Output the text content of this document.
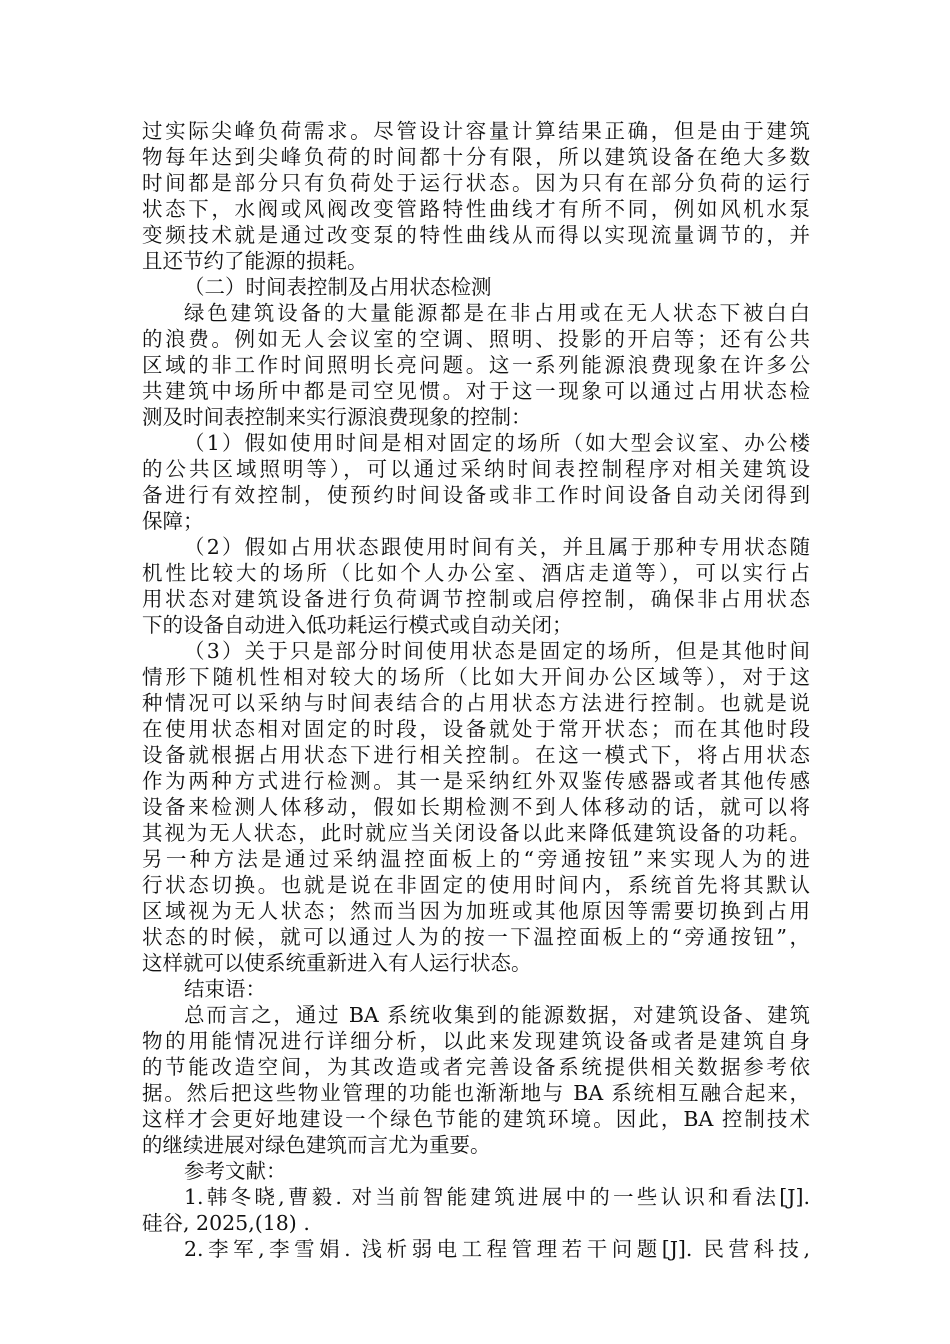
过实际尖峰负荷需求。尽管设计容量计算结果正确，但是由于建筑
物每年达到尖峰负荷的时间都十分有限，所以建筑设备在绝大多数
时间都是部分只有负荷处于运行状态。因为只有在部分负荷的运行
状态下，水阀或风阀改变管路特性曲线才有所不同，例如风机水泵
变频技术就是通过改变泵的特性曲线从而得以实现流量调节的，并
且还节约了能源的损耗。
（二）时间表控制及占用状态检测
绿色建筑设备的大量能源都是在非占用或在无人状态下被白白
的浪费。例如无人会议室的空调、照明、投影的开启等；还有公共
区域的非工作时间照明长亮问题。这一系列能源浪费现象在许多公
共建筑中场所中都是司空见惯。对于这一现象可以通过占用状态检
测及时间表控制来实行源浪费现象的控制：
（1）假如使用时间是相对固定的场所（如大型会议室、办公楼
的公共区域照明等），可以通过采纳时间表控制程序对相关建筑设
备进行有效控制，使预约时间设备或非工作时间设备自动关闭得到
保障；
（2）假如占用状态跟使用时间有关，并且属于那种专用状态随
机性比较大的场所（比如个人办公室、酒店走道等），可以实行占
用状态对建筑设备进行负荷调节控制或启停控制，确保非占用状态
下的设备自动进入低功耗运行模式或自动关闭；
（3）关于只是部分时间使用状态是固定的场所，但是其他时间
情形下随机性相对较大的场所（比如大开间办公区域等），对于这
种情况可以采纳与时间表结合的占用状态方法进行控制。也就是说
在使用状态相对固定的时段，设备就处于常开状态；而在其他时段
设备就根据占用状态下进行相关控制。在这一模式下，将占用状态
作为两种方式进行检测。其一是采纳红外双鉴传感器或者其他传感
设备来检测人体移动，假如长期检测不到人体移动的话，就可以将
其视为无人状态，此时就应当关闭设备以此来降低建筑设备的功耗。
另一种方法是通过采纳温控面板上的“旁通按钮”来实现人为的进
行状态切换。也就是说在非固定的使用时间内，系统首先将其默认
区域视为无人状态；然而当因为加班或其他原因等需要切换到占用
状态的时候，就可以通过人为的按一下温控面板上的“旁通按钮”，
这样就可以使系统重新进入有人运行状态。
结束语：
总而言之，通过 BA 系统收集到的能源数据，对建筑设备、建筑
物的用能情况进行详细分析，以此来发现建筑设备或者是建筑自身
的节能改造空间，为其改造或者完善设备系统提供相关数据参考依
据。然后把这些物业管理的功能也渐渐地与 BA 系统相互融合起来，
这样才会更好地建设一个绿色节能的建筑环境。因此，BA 控制技术
的继续进展对绿色建筑而言尤为重要。
参考文献：
1.韩冬晓,曹毅. 对当前智能建筑进展中的一些认识和看法[J].
硅谷, 2025,(18) .
2.李军,李雪娟. 浅析弱电工程管理若干问题[J]. 民营科技,
